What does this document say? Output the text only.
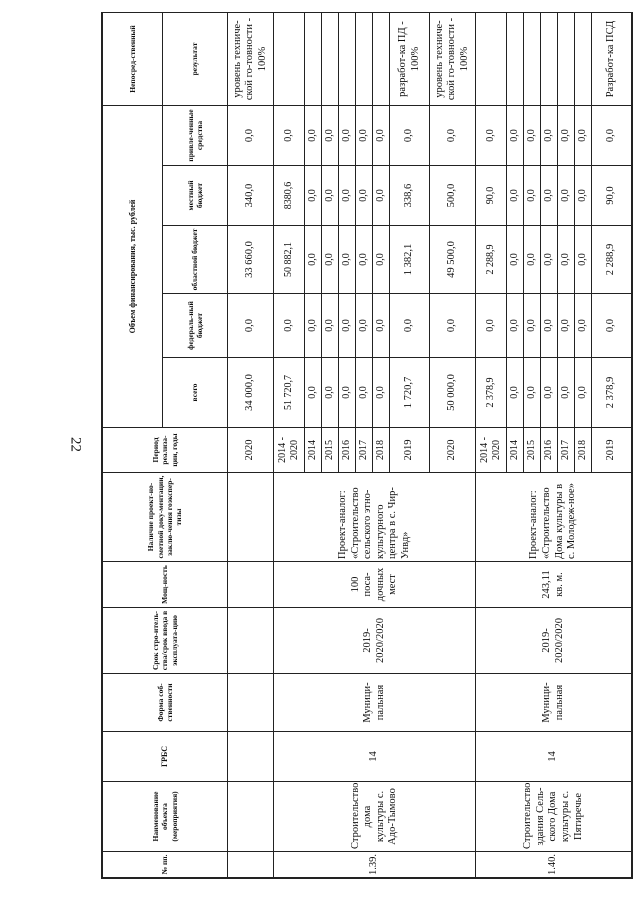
22
№ пп.	Наименование объекта (мероприятия)	ГРБС	Форма соб-ственности	Срок стро-итель-ства/срок ввода в эксплуата-цию	Мощ-ность	Наличие проект-но-сметной доку-ментации, заклю-чения гоэкспер-тизы	Период реализа-ции, годы	Объем финансирования, тыс. рублей					Непосред-ственный
								всего	федераль-ный бюджет	областной бюджет	местный бюджет	привле-ченные средства	результат
							2020	34 000,0	0,0	33 660,0	340,0	0,0	уровень техниче-ской го-товности - 100%
1.39.	Строительство дома культуры с. Адо-Тымово	14	Муници-пальная	2019-2020/2020	100 поса-дочных мест	Проект-аналог: «Строительство сельского этно-культурного центра в с. Чир-Унвд»	2014 - 2020	51 720,7	0,0	50 882,1	8380,6	0,0	
							2014	0,0	0,0	0,0	0,0	0,0	
							2015	0,0	0,0	0,0	0,0	0,0	
							2016	0,0	0,0	0,0	0,0	0,0	
							2017	0,0	0,0	0,0	0,0	0,0	
							2018	0,0	0,0	0,0	0,0	0,0	
							2019	1 720,7	0,0	1 382,1	338,6	0,0	разработ-ка ПД - 100%
							2020	50 000,0	0,0	49 500,0	500,0	0,0	уровень техниче-ской го-товности - 100%
1.40.	Строительство здания Сель-ского Дома культуры с. Пятиречье	14	Муници-пальная	2019-2020/2020	243,11 кв. м.	Проект-аналог: «Строительство Дома культуры в с. Молодеж-ное»	2014 - 2020	2 378,9	0,0	2 288,9	90,0	0,0	
							2014	0,0	0,0	0,0	0,0	0,0	
							2015	0,0	0,0	0,0	0,0	0,0	
							2016	0,0	0,0	0,0	0,0	0,0	
							2017	0,0	0,0	0,0	0,0	0,0	
							2018	0,0	0,0	0,0	0,0	0,0	
							2019	2 378,9	0,0	2 288,9	90,0	0,0	Разработ-ка ПСД
